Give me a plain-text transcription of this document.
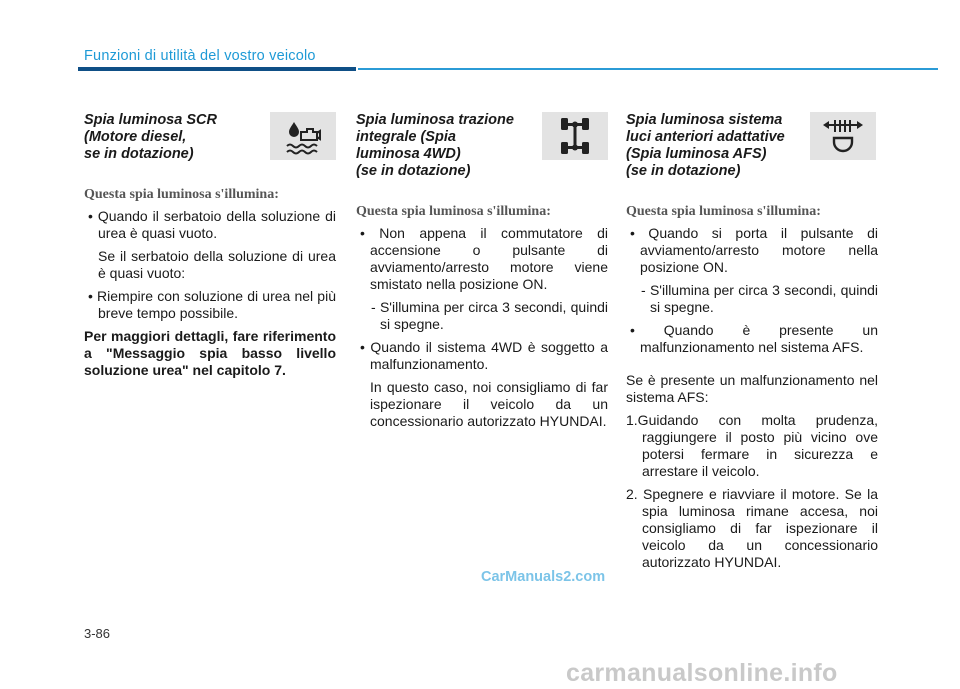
Funzioni di utilità del vostro veicolo

Spia luminosa SCR
(Motore diesel,
se in dotazione)

Questa spia luminosa s'illumina:

• Quando il serbatoio della soluzione di urea è quasi vuoto.

Se il serbatoio della soluzione di urea è quasi vuoto:

• Riempire con soluzione di urea nel più breve tempo possibile.

Per maggiori dettagli, fare riferimento a "Messaggio spia basso livello soluzione urea" nel capitolo 7.

Spia luminosa trazione
integrale (Spia
luminosa 4WD)
(se in dotazione)

Questa spia luminosa s'illumina:

• Non appena il commutatore di accensione o pulsante di avviamento/arresto motore viene smistato nella posizione ON.

- S'illumina per circa 3 secondi, quindi si spegne.

• Quando il sistema 4WD è soggetto a malfunzionamento.

In questo caso, noi consigliamo di far ispezionare il veicolo da un concessionario autorizzato HYUNDAI.

Spia luminosa sistema
luci anteriori adattative
(Spia luminosa AFS)
(se in dotazione)

Questa spia luminosa s'illumina:

• Quando si porta il pulsante di avviamento/arresto motore nella posizione ON.

- S'illumina per circa 3 secondi, quindi si spegne.

• Quando è presente un malfunzionamento nel sistema AFS.

Se è presente un malfunzionamento nel sistema AFS:

1.Guidando con molta prudenza, raggiungere il posto più vicino ove potersi fermare in sicurezza e arrestare il veicolo.

2. Spegnere e riavviare il motore. Se la spia luminosa rimane accesa, noi consigliamo di far ispezionare il veicolo da un concessionario autorizzato HYUNDAI.

CarManuals2.com
3-86
carmanualsonline.info
